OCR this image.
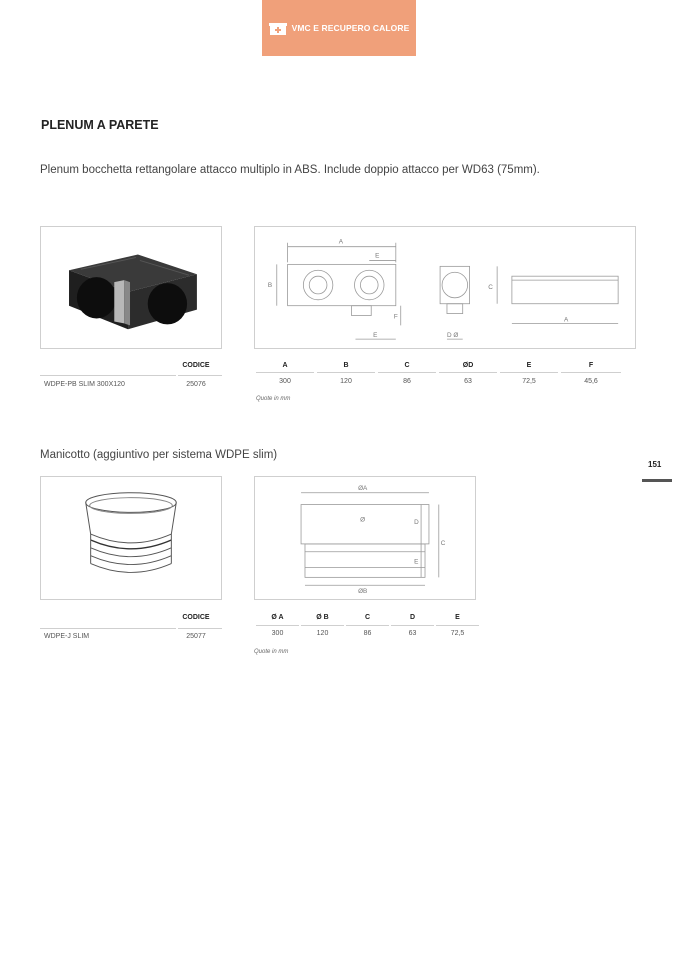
VMC E RECUPERO CALORE
PLENUM A PARETE
Plenum bocchetta rettangolare attacco multiplo in ABS. Include doppio attacco per WD63 (75mm).
A
E
B
F
E	D Ø
C
A
CODICE
WDPE-PB SLIM 300X120	25076
A	B	C	ØD	E	F
300	120	86	63	72,5	45,6
Quote in mm
151
Manicotto (aggiuntivo per sistema WDPE slim)
ØA
Ø
ØB
C
D
E
CODICE
WDPE-J SLIM	25077
Ø A	Ø B	C	D	E
300	120	86	63	72,5
Quote in mm
